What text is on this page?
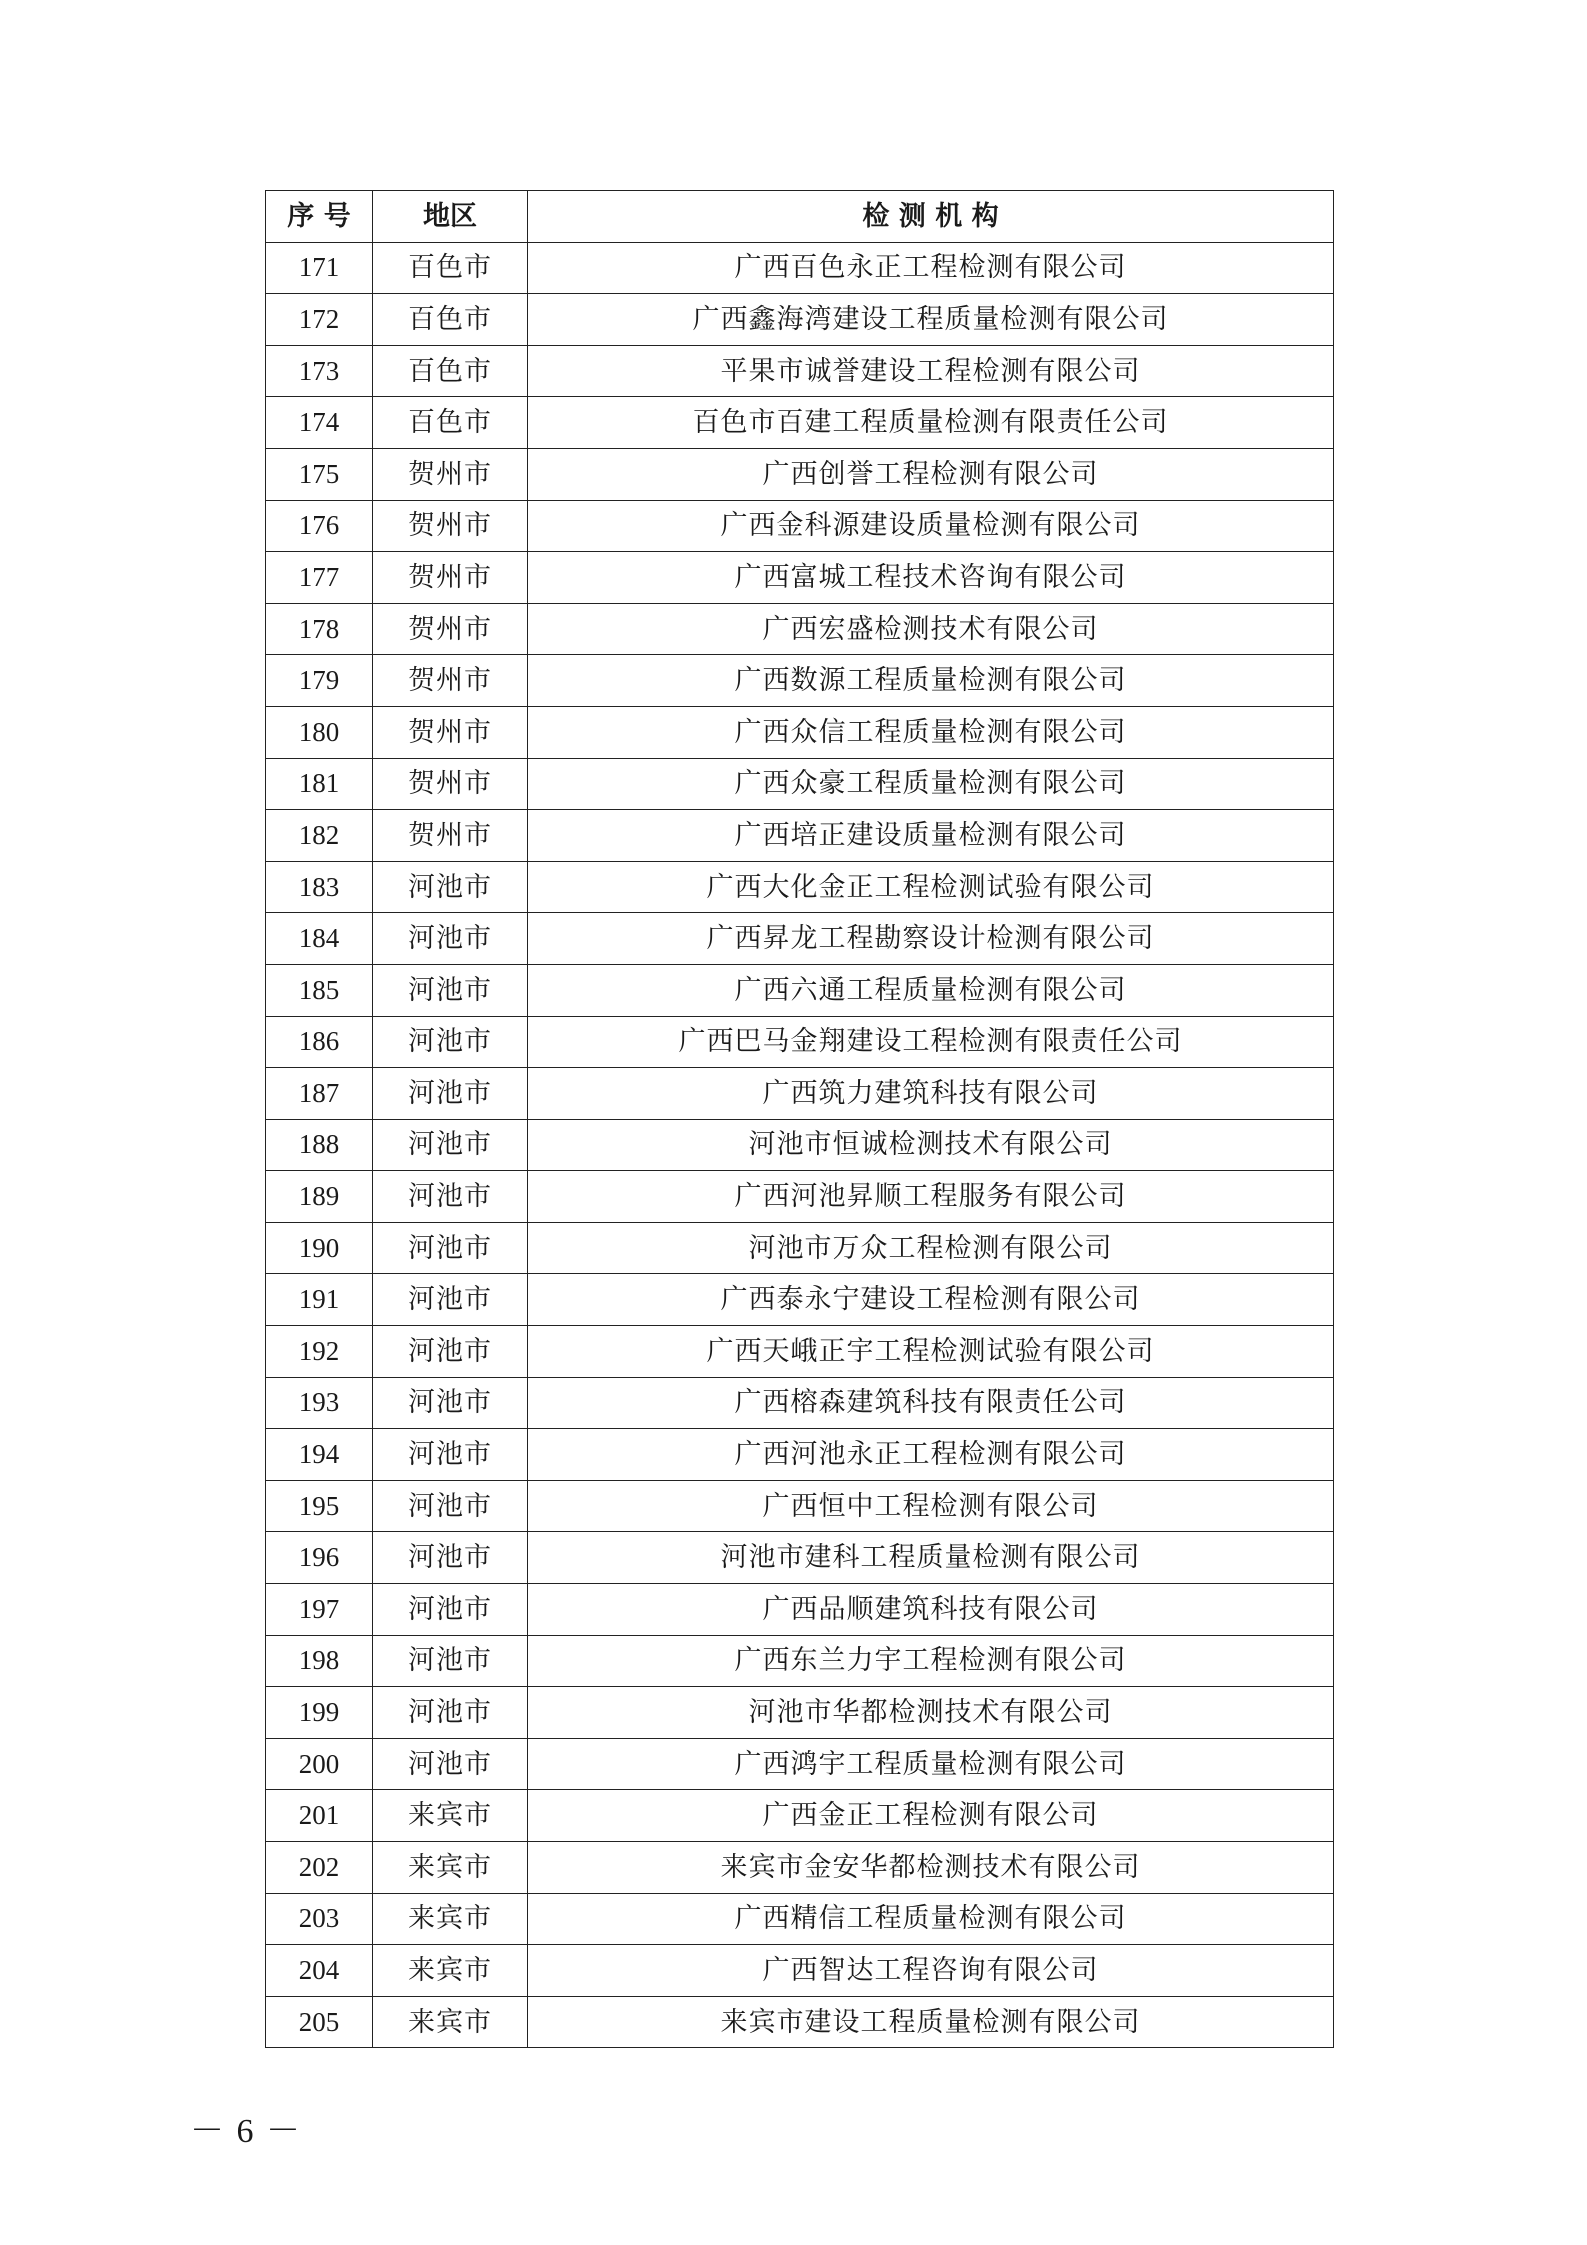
序 号	地区	检 测 机 构
171	百色市	广西百色永正工程检测有限公司
172	百色市	广西鑫海湾建设工程质量检测有限公司
173	百色市	平果市诚誉建设工程检测有限公司
174	百色市	百色市百建工程质量检测有限责任公司
175	贺州市	广西创誉工程检测有限公司
176	贺州市	广西金科源建设质量检测有限公司
177	贺州市	广西富城工程技术咨询有限公司
178	贺州市	广西宏盛检测技术有限公司
179	贺州市	广西数源工程质量检测有限公司
180	贺州市	广西众信工程质量检测有限公司
181	贺州市	广西众豪工程质量检测有限公司
182	贺州市	广西培正建设质量检测有限公司
183	河池市	广西大化金正工程检测试验有限公司
184	河池市	广西昇龙工程勘察设计检测有限公司
185	河池市	广西六通工程质量检测有限公司
186	河池市	广西巴马金翔建设工程检测有限责任公司
187	河池市	广西筑力建筑科技有限公司
188	河池市	河池市恒诚检测技术有限公司
189	河池市	广西河池昇顺工程服务有限公司
190	河池市	河池市万众工程检测有限公司
191	河池市	广西泰永宁建设工程检测有限公司
192	河池市	广西天峨正宇工程检测试验有限公司
193	河池市	广西榕森建筑科技有限责任公司
194	河池市	广西河池永正工程检测有限公司
195	河池市	广西恒中工程检测有限公司
196	河池市	河池市建科工程质量检测有限公司
197	河池市	广西品顺建筑科技有限公司
198	河池市	广西东兰力宇工程检测有限公司
199	河池市	河池市华都检测技术有限公司
200	河池市	广西鸿宇工程质量检测有限公司
201	来宾市	广西金正工程检测有限公司
202	来宾市	来宾市金安华都检测技术有限公司
203	来宾市	广西精信工程质量检测有限公司
204	来宾市	广西智达工程咨询有限公司
205	来宾市	来宾市建设工程质量检测有限公司
－ 6 －
